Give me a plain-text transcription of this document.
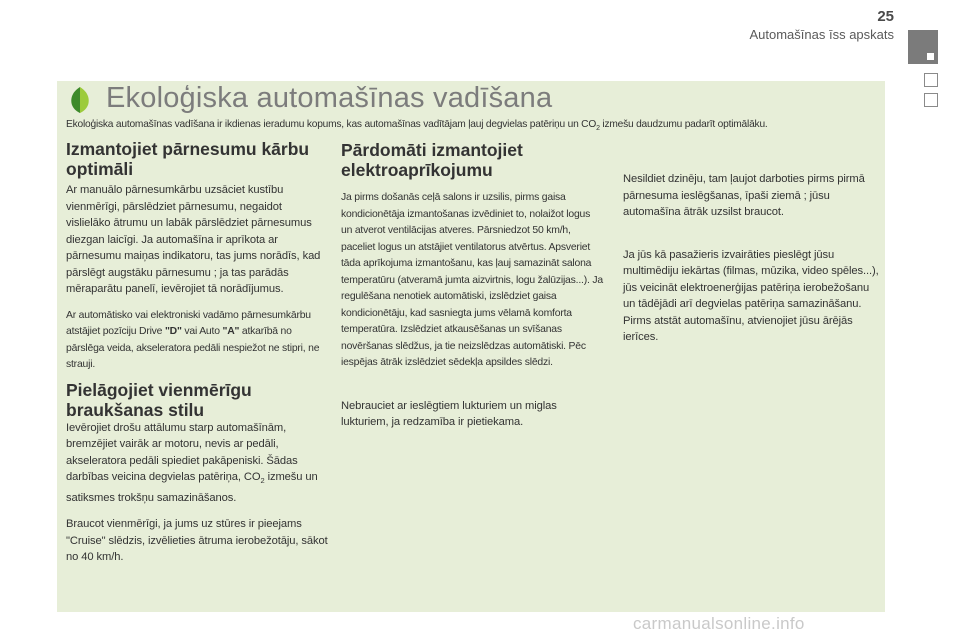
25
Automašīnas īss apskats
Ekoloģiska automašīnas vadīšana

Ekoloģiska automašīnas vadīšana ir ikdienas ieradumu kopums, kas automašīnas vadītājam ļauj degvielas patēriņu un $CO_2$ izmešu daudzumu padarīt optimālāku.

Izmantojiet pārnesumu kārbu optimāli

Ar manuālo pārnesumkārbu uzsāciet kustību vienmērīgi, pārslēdziet pārnesumu, negaidot vislielāko ātrumu un labāk pārslēdziet pārnesumus diezgan laicīgi. Ja automašīna ir aprīkota ar pārnesumu maiņas indikatoru, tas jums norādīs, kad pārslēgt augstāku pārnesumu ; ja tas parādās mēraparātu panelī, ievērojiet tā norādījumus.

Ar automātisko vai elektroniski vadāmo pārnesumkārbu atstājiet pozīciju Drive "D" vai Auto "A" atkarībā no pārslēga veida, akseleratora pedāli nespiežot ne stipri, ne strauji.

Pielāgojiet vienmērīgu braukšanas stilu

Ievērojiet drošu attālumu starp automašīnām, bremzējiet vairāk ar motoru, nevis ar pedāli, akseleratora pedāli spiediet pakāpeniski. Šādas darbības veicina degvielas patēriņa, $CO_2$ izmešu un satiksmes trokšņu samazināšanos.

Braucot vienmērīgi, ja jums uz stūres ir pieejams "Cruise" slēdzis, izvēlieties ātruma ierobežotāju, sākot no 40 km/h.

Pārdomāti izmantojiet elektroaprīkojumu

Ja pirms došanās ceļā salons ir uzsilis, pirms gaisa kondicionētāja izmantošanas izvēdiniet to, nolaižot logus un atverot ventilācijas atveres. Pārsniedzot 50 km/h, paceliet logus un atstājiet ventilatorus atvērtus. Apsveriet tāda aprīkojuma izmantošanu, kas ļauj samazināt salona temperatūru (atveramā jumta aizvirtnis, logu žalūzijas...). Ja regulēšana nenotiek automātiski, izslēdziet gaisa kondicionētāju, kad sasniegta jums vēlamā komforta temperatūra. Izslēdziet atkausēšanas un svīšanas novēršanas slēdžus, ja tie neizslēdzas automātiski. Pēc iespējas ātrāk izslēdziet sēdekļa apsildes slēdzi.

Nebrauciet ar ieslēgtiem lukturiem un miglas lukturiem, ja redzamība ir pietiekama.

Nesildiet dzinēju, tam ļaujot darboties pirms pirmā pārnesuma ieslēgšanas, īpaši ziemā ; jūsu automašīna ātrāk uzsilst braucot.

Ja jūs kā pasažieris izvairāties pieslēgt jūsu multimēdiju iekārtas (filmas, mūzika, video spēles...), jūs veicināt elektroenerģijas patēriņa ierobežošanu un tādējādi arī degvielas patēriņa samazināšanu. Pirms atstāt automašīnu, atvienojiet jūsu ārējās ierīces.

carmanualsonline.info
